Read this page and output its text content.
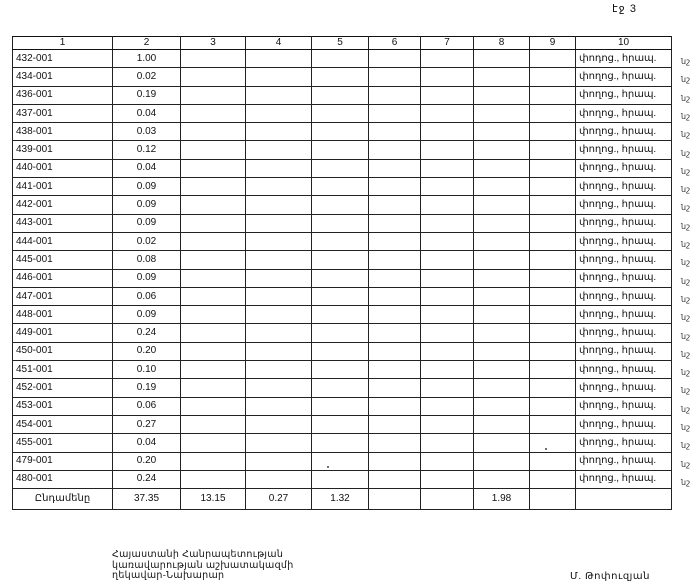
էջ 3
1	2	3	4	5	6	7	8	9	10
432-001	1.00								փոդոց., հրապ.
434-001	0.02								փողոց., հրապ.
436-001	0.19								փողոց., հրապ.
437-001	0.04								փողոց., հրապ.
438-001	0.03								փողոց., հրապ.
439-001	0.12								փողոց., հրապ.
440-001	0.04								փողոց., հրապ.
441-001	0.09								փողոց., հրապ.
442-001	0.09								փողոց., հրապ.
443-001	0.09								փողոց., հրապ.
444-001	0.02								փողոց., հրապ.
445-001	0.08								փողոց., հրապ.
446-001	0.09								փողոց., հրապ.
447-001	0.06								փողոց., հրապ.
448-001	0.09								փողոց., հրապ.
449-001	0.24								փողոց., հրապ.
450-001	0.20								փողոց., հրապ.
451-001	0.10								փողոց., հրապ.
452-001	0.19								փողոց., հրապ.
453-001	0.06								փողոց., հրապ.
454-001	0.27								փողոց., հրապ.
455-001	0.04								փողոց., հրապ.
479-001	0.20								փողոց., հրապ.
480-001	0.24								փողոց., հրապ.
Ընդամենը	37.35	13.15	0.27	1.32			1.98		
նշ
նշ
նշ
նշ
նշ
նշ
նշ
նշ
նշ
նշ
նշ
նշ
նշ
նշ
նշ
նշ
նշ
նշ
նշ
նշ
նշ
նշ
նշ
նշ
Հայաստանի Հանրապետության
կառավարության աշխատակազմի
ղեկավար-Նախարար	Մ. Թոփուզյան
